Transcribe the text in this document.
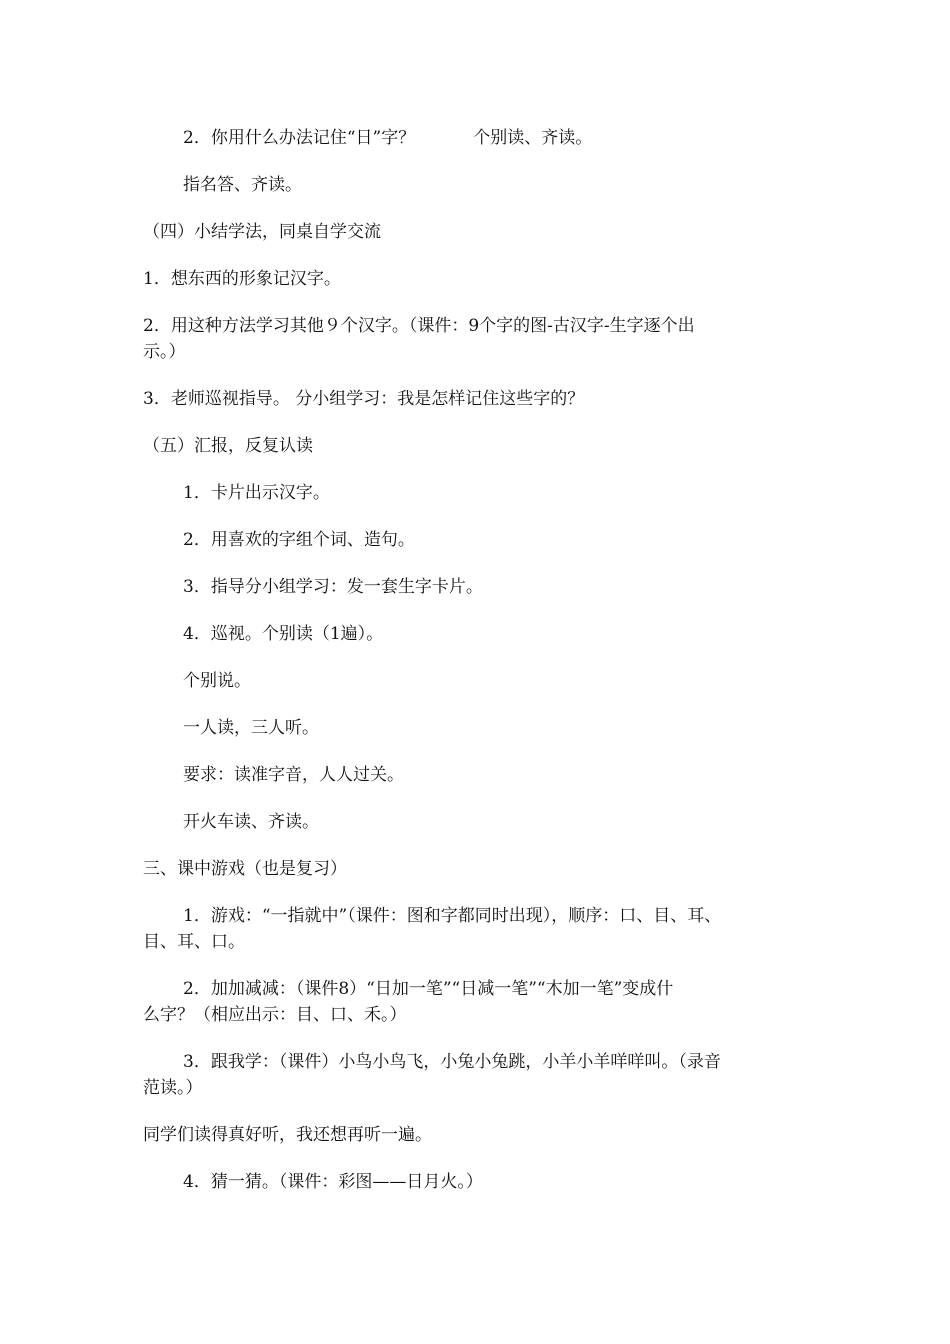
2．你用什么办法记住“日”字？	个别读、齐读。
指名答、齐读。
（四）小结学法，同桌自学交流
1．想东西的形象记汉字。
2．用这种方法学习其他９个汉字。（课件：9个字的图-古汉字-生字逐个出
示。）
3．老师巡视指导。 分小组学习：我是怎样记住这些字的？
（五）汇报，反复认读
1．卡片出示汉字。
2．用喜欢的字组个词、造句。
3．指导分小组学习：发一套生字卡片。
4．巡视。个别读（1遍）。
个别说。
一人读，三人听。
要求：读准字音，人人过关。
开火车读、齐读。
三、课中游戏（也是复习）
1．游戏：“一指就中”（课件：图和字都同时出现），顺序：口、目、耳、
目、耳、口。
2．加加减减：（课件8）“日加一笔”“日减一笔”“木加一笔”变成什
么字？（相应出示：目、口、禾。）
3．跟我学：（课件）小鸟小鸟飞，小兔小兔跳，小羊小羊咩咩叫。（录音
范读。）
同学们读得真好听，我还想再听一遍。
4．猜一猜。（课件：彩图——日月火。）
